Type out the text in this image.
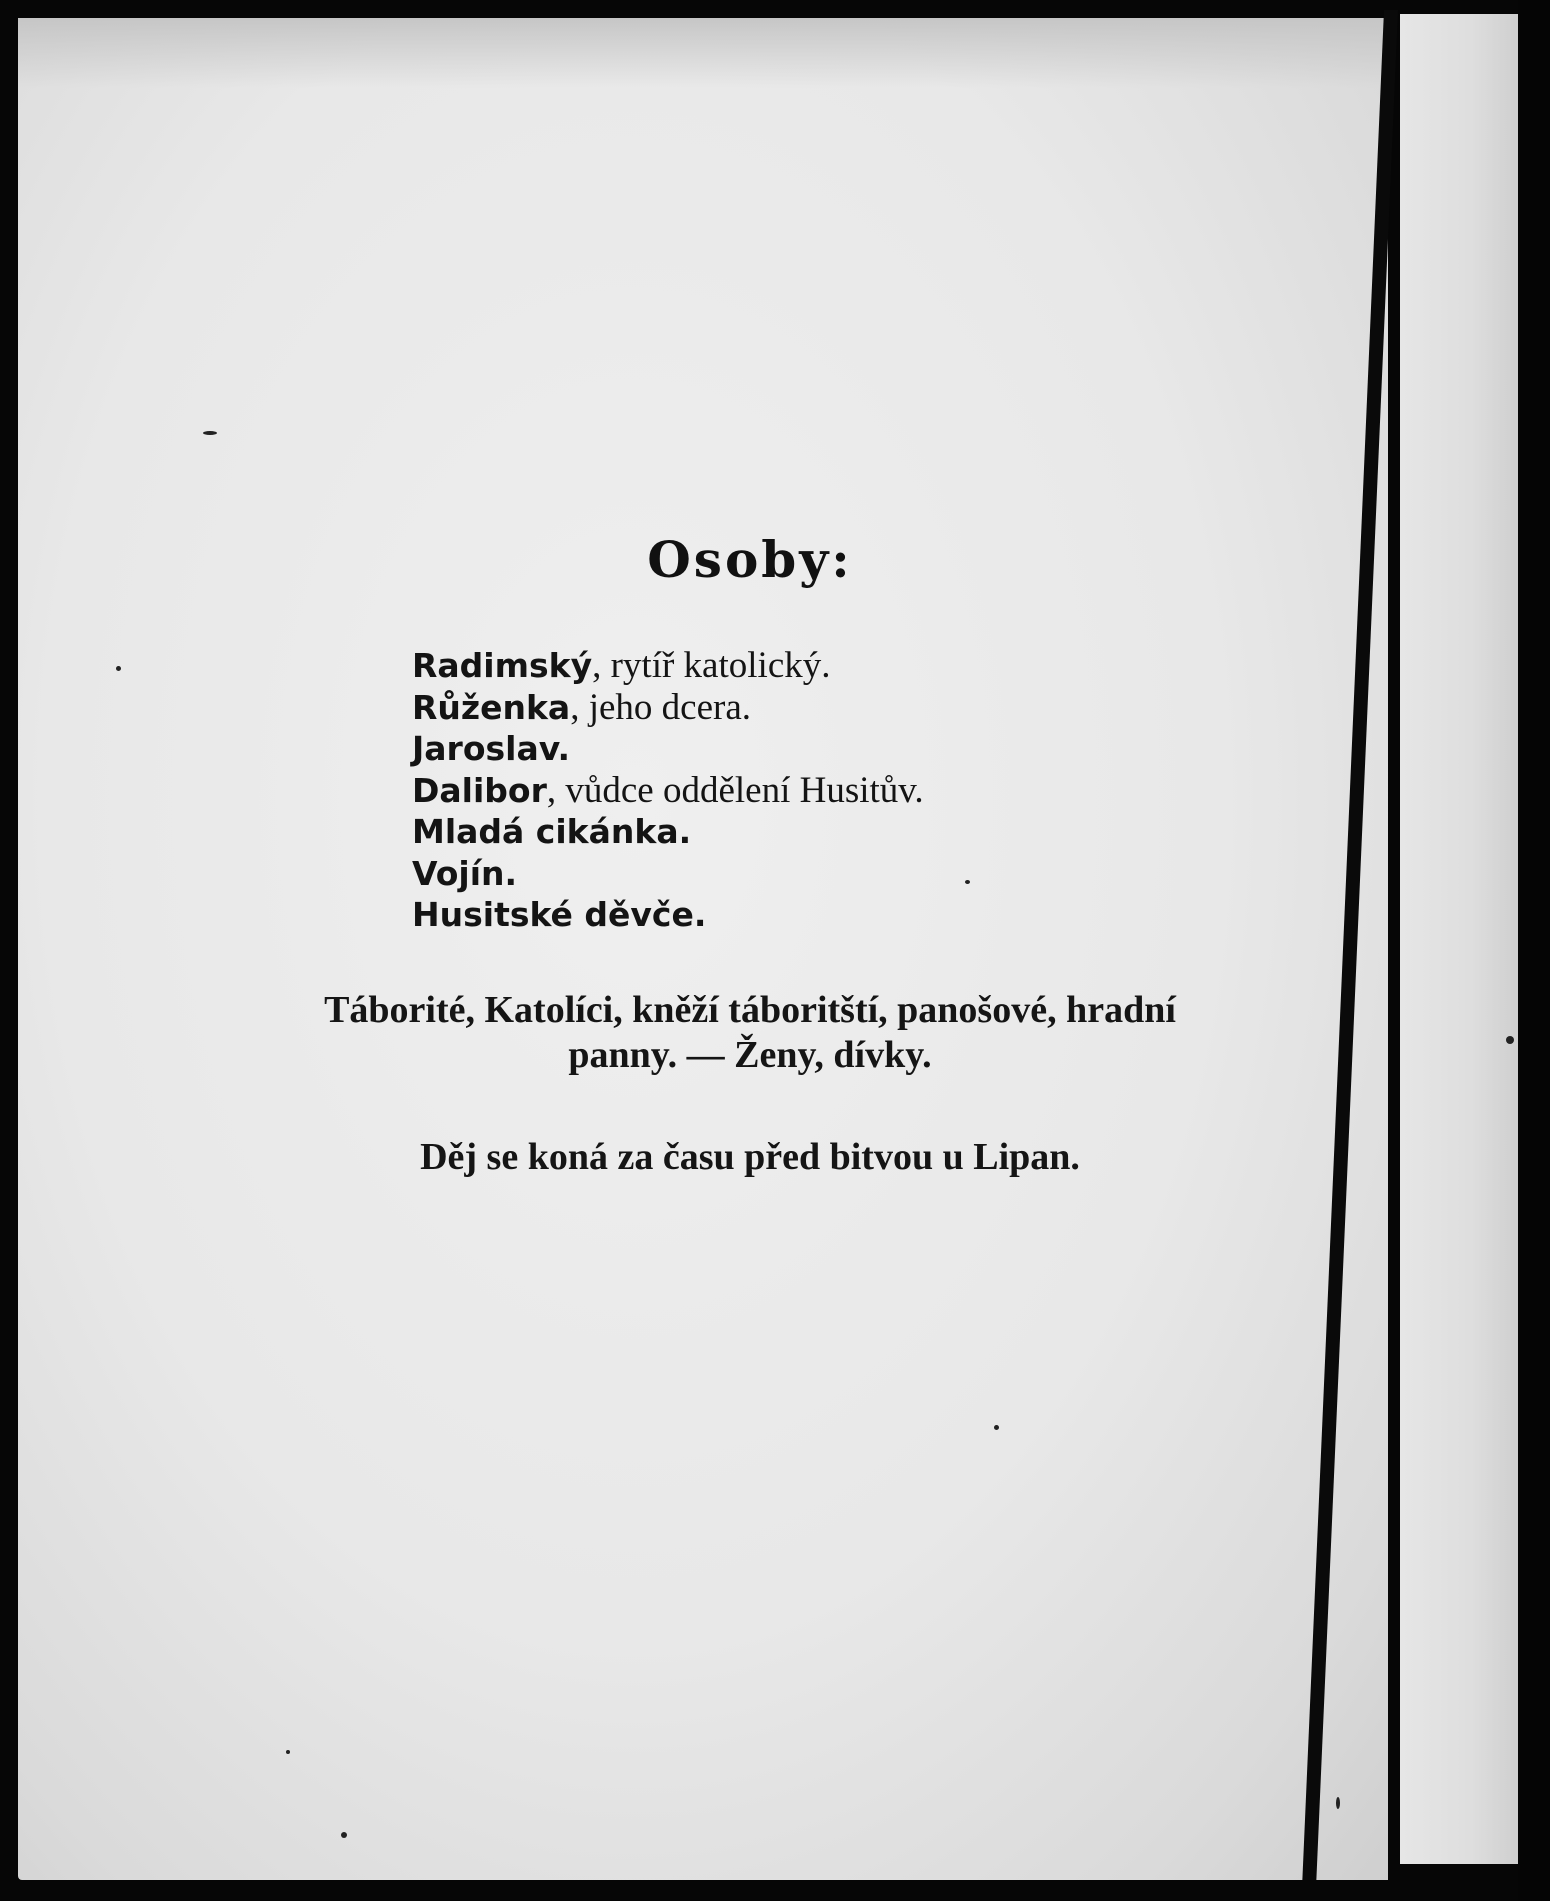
Osoby:
Radimský, rytíř katolický.
Růženka, jeho dcera.
Jaroslav.
Dalibor, vůdce oddělení Husitův.
Mladá cikánka.
Vojín.
Husitské děvče.
Táborité, Katolíci, kněží táboritští, panošové, hradní
panny. — Ženy, dívky.
Děj se koná za času před bitvou u Lipan.
